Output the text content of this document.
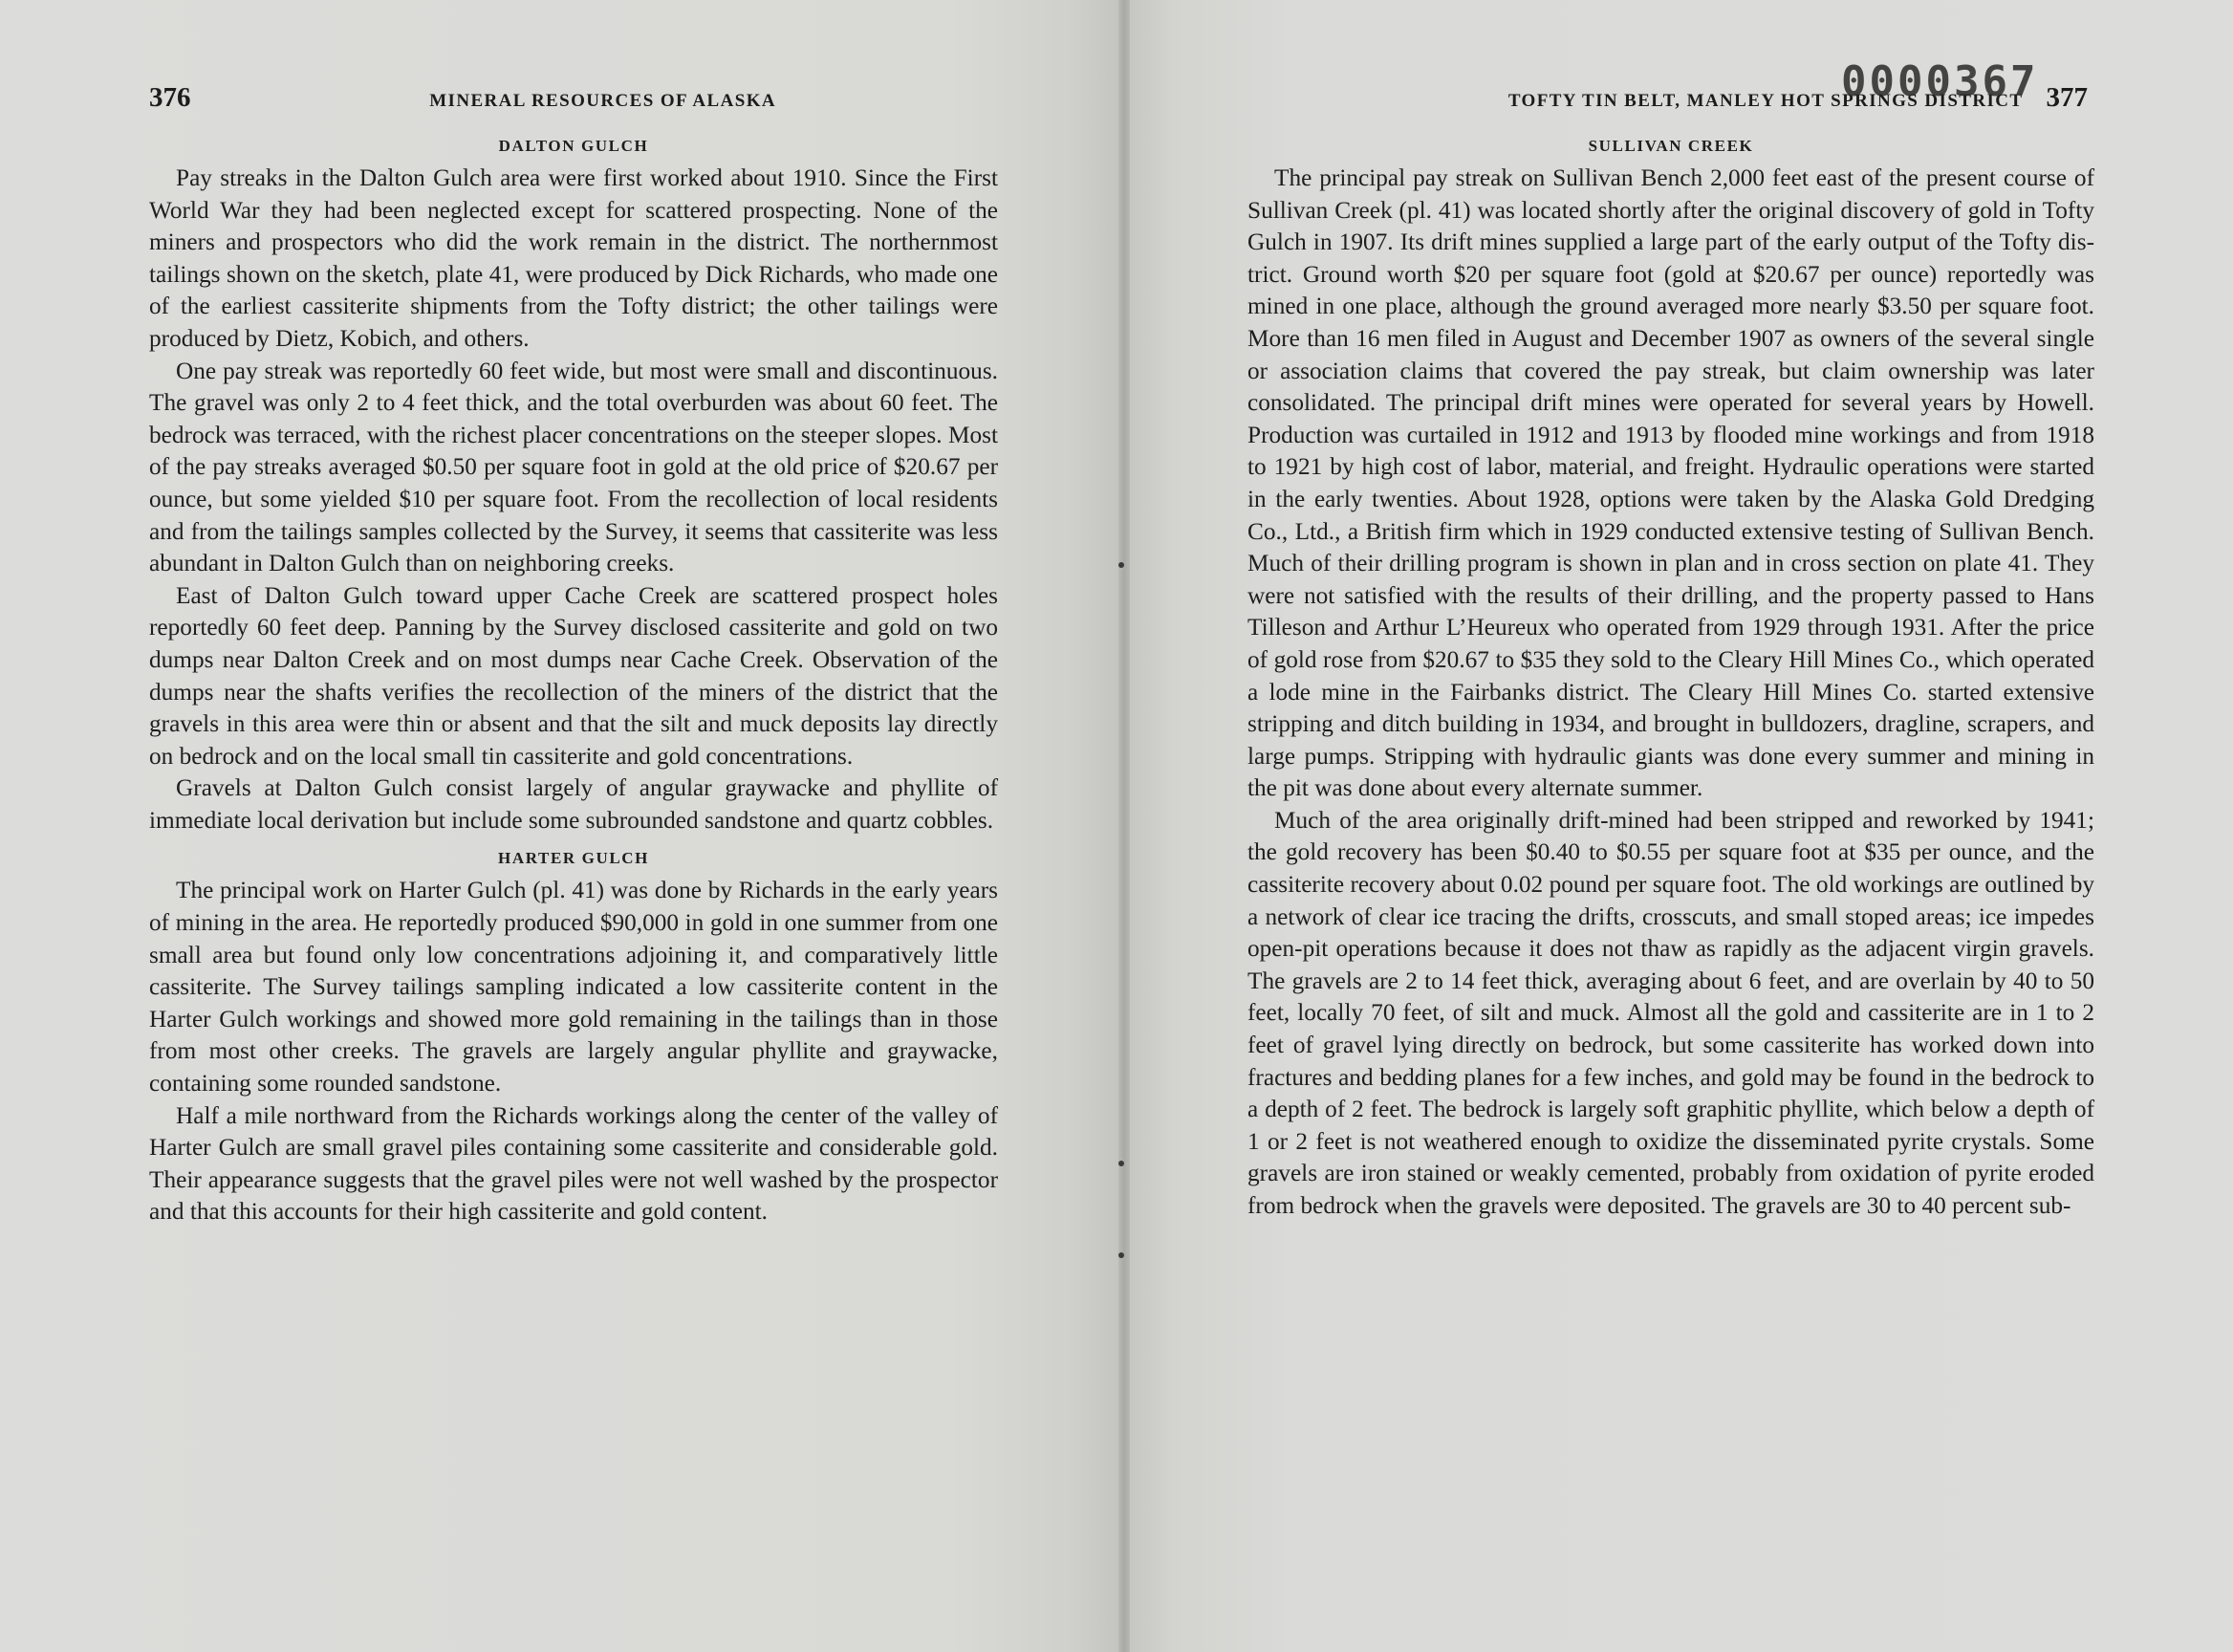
376	MINERAL RESOURCES OF ALASKA	TOFTY TIN BELT, MANLEY HOT SPRINGS DISTRICT 377
0000367
DALTON GULCH

Pay streaks in the Dalton Gulch area were first worked about 1910. Since the First World War they had been neglected except for scattered prospecting. None of the miners and prospectors who did the work remain in the district. The northernmost tailings shown on the sketch, plate 41, were produced by Dick Richards, who made one of the earliest cassiterite shipments from the Tofty district; the other tailings were produced by Dietz, Kobich, and others.

One pay streak was reportedly 60 feet wide, but most were small and discontinuous. The gravel was only 2 to 4 feet thick, and the total overburden was about 60 feet. The bedrock was terraced, with the richest placer concentrations on the steeper slopes. Most of the pay streaks averaged $0.50 per square foot in gold at the old price of $20.67 per ounce, but some yielded $10 per square foot. From the recollection of local residents and from the tailings samples collected by the Survey, it seems that cassiterite was less abundant in Dalton Gulch than on neighboring creeks.

East of Dalton Gulch toward upper Cache Creek are scattered prospect holes reportedly 60 feet deep. Panning by the Survey disclosed cassiterite and gold on two dumps near Dalton Creek and on most dumps near Cache Creek. Observation of the dumps near the shafts verifies the recollection of the miners of the district that the gravels in this area were thin or absent and that the silt and muck deposits lay directly on bedrock and on the local small tin cassiterite and gold concentrations.

Gravels at Dalton Gulch consist largely of angular graywacke and phyllite of immediate local derivation but include some subrounded sandstone and quartz cobbles.

HARTER GULCH

The principal work on Harter Gulch (pl. 41) was done by Richards in the early years of mining in the area. He reportedly produced $90,000 in gold in one summer from one small area but found only low concentrations adjoining it, and comparatively little cassiterite. The Survey tailings sampling indicated a low cassiterite content in the Harter Gulch workings and showed more gold remaining in the tailings than in those from most other creeks. The gravels are largely angular phyllite and graywacke, containing some rounded sandstone.

Half a mile northward from the Richards workings along the center of the valley of Harter Gulch are small gravel piles containing some cassiterite and considerable gold. Their appearance suggests that the gravel piles were not well washed by the prospector and that this accounts for their high cassiterite and gold content.

SULLIVAN CREEK

The principal pay streak on Sullivan Bench 2,000 feet east of the present course of Sullivan Creek (pl. 41) was located shortly after the original discovery of gold in Tofty Gulch in 1907. Its drift mines supplied a large part of the early output of the Tofty district. Ground worth $20 per square foot (gold at $20.67 per ounce) reportedly was mined in one place, although the ground averaged more nearly $3.50 per square foot. More than 16 men filed in August and December 1907 as owners of the several single or association claims that covered the pay streak, but claim ownership was later consolidated. The principal drift mines were operated for several years by Howell. Production was curtailed in 1912 and 1913 by flooded mine workings and from 1918 to 1921 by high cost of labor, material, and freight. Hydraulic operations were started in the early twenties. About 1928, options were taken by the Alaska Gold Dredging Co., Ltd., a British firm which in 1929 conducted extensive testing of Sullivan Bench. Much of their drilling program is shown in plan and in cross section on plate 41. They were not satisfied with the results of their drilling, and the property passed to Hans Tilleson and Arthur L’Heureux who operated from 1929 through 1931. After the price of gold rose from $20.67 to $35 they sold to the Cleary Hill Mines Co., which operated a lode mine in the Fairbanks district. The Cleary Hill Mines Co. started extensive stripping and ditch building in 1934, and brought in bulldozers, dragline, scrapers, and large pumps. Stripping with hydraulic giants was done every summer and mining in the pit was done about every alternate summer.

Much of the area originally drift-mined had been stripped and reworked by 1941; the gold recovery has been $0.40 to $0.55 per square foot at $35 per ounce, and the cassiterite recovery about 0.02 pound per square foot. The old workings are outlined by a network of clear ice tracing the drifts, crosscuts, and small stoped areas; ice impedes open-pit operations because it does not thaw as rapidly as the adjacent virgin gravels. The gravels are 2 to 14 feet thick, averaging about 6 feet, and are overlain by 40 to 50 feet, locally 70 feet, of silt and muck. Almost all the gold and cassiterite are in 1 to 2 feet of gravel lying directly on bedrock, but some cassiterite has worked down into fractures and bedding planes for a few inches, and gold may be found in the bedrock to a depth of 2 feet. The bedrock is largely soft graphitic phyllite, which below a depth of 1 or 2 feet is not weathered enough to oxidize the disseminated pyrite crystals. Some gravels are iron stained or weakly cemented, probably from oxidation of pyrite eroded from bedrock when the gravels were deposited. The gravels are 30 to 40 percent sub-
